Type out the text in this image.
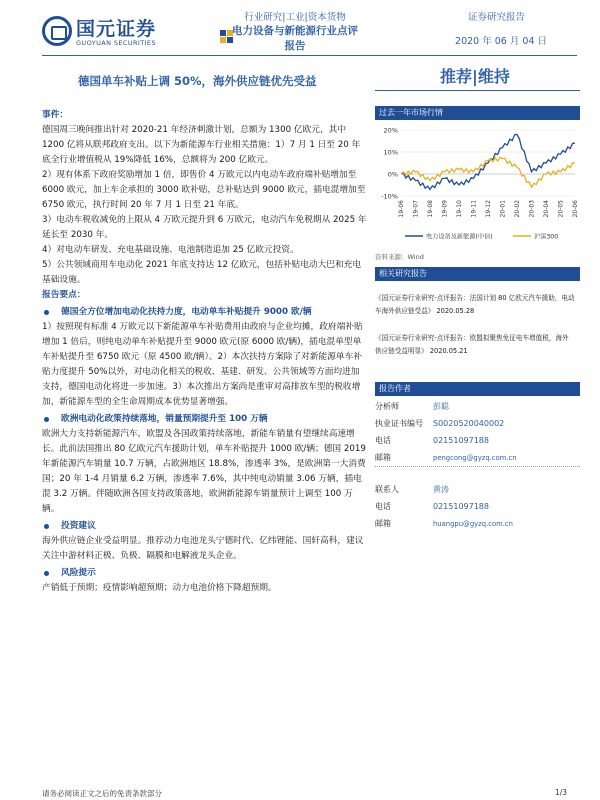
国元证券
GUOYUAN SECURITIES
行业研究|工业|资本货物
电力设备与新能源行业点评
报告
证券研究报告
2020 年 06 月 04 日
德国单车补贴上调 50%，海外供应链优先受益	推荐|维持

事件：

德国周三晚间推出针对 2020-21 年经济刺激计划，总额为 1300 亿欧元，其中 1200 亿将从联邦政府支出。以下为新能源车行业相关措施：1）7 月 1 日至 20 年底全行业增值税从 19%降低 16%，总额将为 200 亿欧元。

2）现有体系下政府奖励增加 1 倍，即售价 4 万欧元以内电动车政府端补贴增加至 6000 欧元，加上车企承担的 3000 欧补贴，总补贴达到 9000 欧元，插电混增加至 6750 欧元，执行时间 20 年 7 月 1 日至 21 年底。

3）电动车税收减免的上限从 4 万欧元提升到 6 万欧元，电动汽车免税期从 2025 年延长至 2030 年。

4）对电动车研发、充电基础设施、电池制造追加 25 亿欧元投资。

5）公共领域商用车电动化 2021 年底支持达 12 亿欧元，包括补贴电动大巴和充电基础设施。

报告要点：

德国全方位增加电动化扶持力度，电动单车补贴提升 9000 欧/辆

1）按照现有标准 4 万欧元以下新能源单车补贴费用由政府与企业均摊，政府端补贴增加 1 倍后，则纯电动单车补贴提升至 9000 欧元(原 6000 欧/辆)，插电混单型单车补贴提升至 6750 欧元（原 4500 欧/辆）。2）本次扶持方案除了对新能源单车补贴力度提升 50%以外，对电动化相关的税收、基建、研发、公共领域等方面均进加支持，德国电动化将进一步加速。3）本次推出方案尚是重审对高排放车型的税收增加，新能源车型的全生命周期成本优势显著增强。

欧洲电动化政策持续落地，销量预期提升至 100 万辆

欧洲大力支持新能源汽车，欧盟及各国政策持续落地，新能车销量有望继续高速增长。此前法国推出 80 亿欧元汽车援助计划，单车补贴提升 1000 欧/辆；德国 2019 年新能源汽车销量 10.7 万辆，占欧洲地区 18.8%，渗透率 3%，是欧洲第一大消费国；20 年 1-4 月销量 6.2 万辆，渗透率 7.6%，其中纯电动销量 3.06 万辆，插电混 3.2 万辆。伴随欧洲各国支持政策落地，欧洲新能源车销量预计上调至 100 万辆。

投资建议

海外供应链企业受益明显。推荐动力电池龙头宁德时代、亿纬锂能、国轩高科，建议关注中游材料正极、负极、隔膜和电解液龙头企业。

风险提示

产销低于预期；疫情影响超预期；动力电池价格下降超预期。

过去一年市场行情
20%
10%
0%
-10%
19-06 19-07 19-08 19-09 19-10 19-11 19-12 20-01 20-02 20-03 20-04 20-05 20-06
电力设备及新能源(中信)	沪深300
资料来源：Wind
相关研究报告

《国元证券行业研究-点评报告：法国计划 80 亿欧元汽车援助，电动车海外供应链受益》 2020.05.28

《国元证券行业研究-点评报告：欧盟拟聚焦免征电车增值税，海外供应链受益明显》 2020.05.21

报告作者
分析师	彭聪
执业证书编号	S0020520040002
电话	02151097188
邮箱	pengcong@gyzq.com.cn
联系人	黄涛
电话	02151097188
邮箱	huangpu@gyzq.com.cn
请务必阅读正文之后的免责条款部分	1/3
